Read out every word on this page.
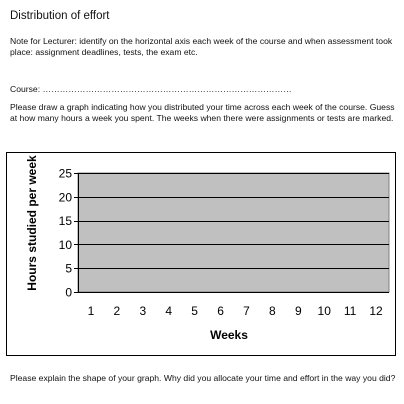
Distribution of effort
Note for Lecturer: identify on the horizontal axis each week of the course and when assessment took place: assignment deadlines, tests, the exam etc.
Course: ……………………………………………………………………………
Please draw a graph indicating how you distributed your time across each week of the course. Guess at how many hours a week you spent. The weeks when there were assignments or tests are marked.
0
5
10
15
20
25
1 2 3 4 5 6 7 8 9 10 11 12
Hours studied per week
Weeks
Please explain the shape of your graph. Why did you allocate your time and effort in the way you did?
